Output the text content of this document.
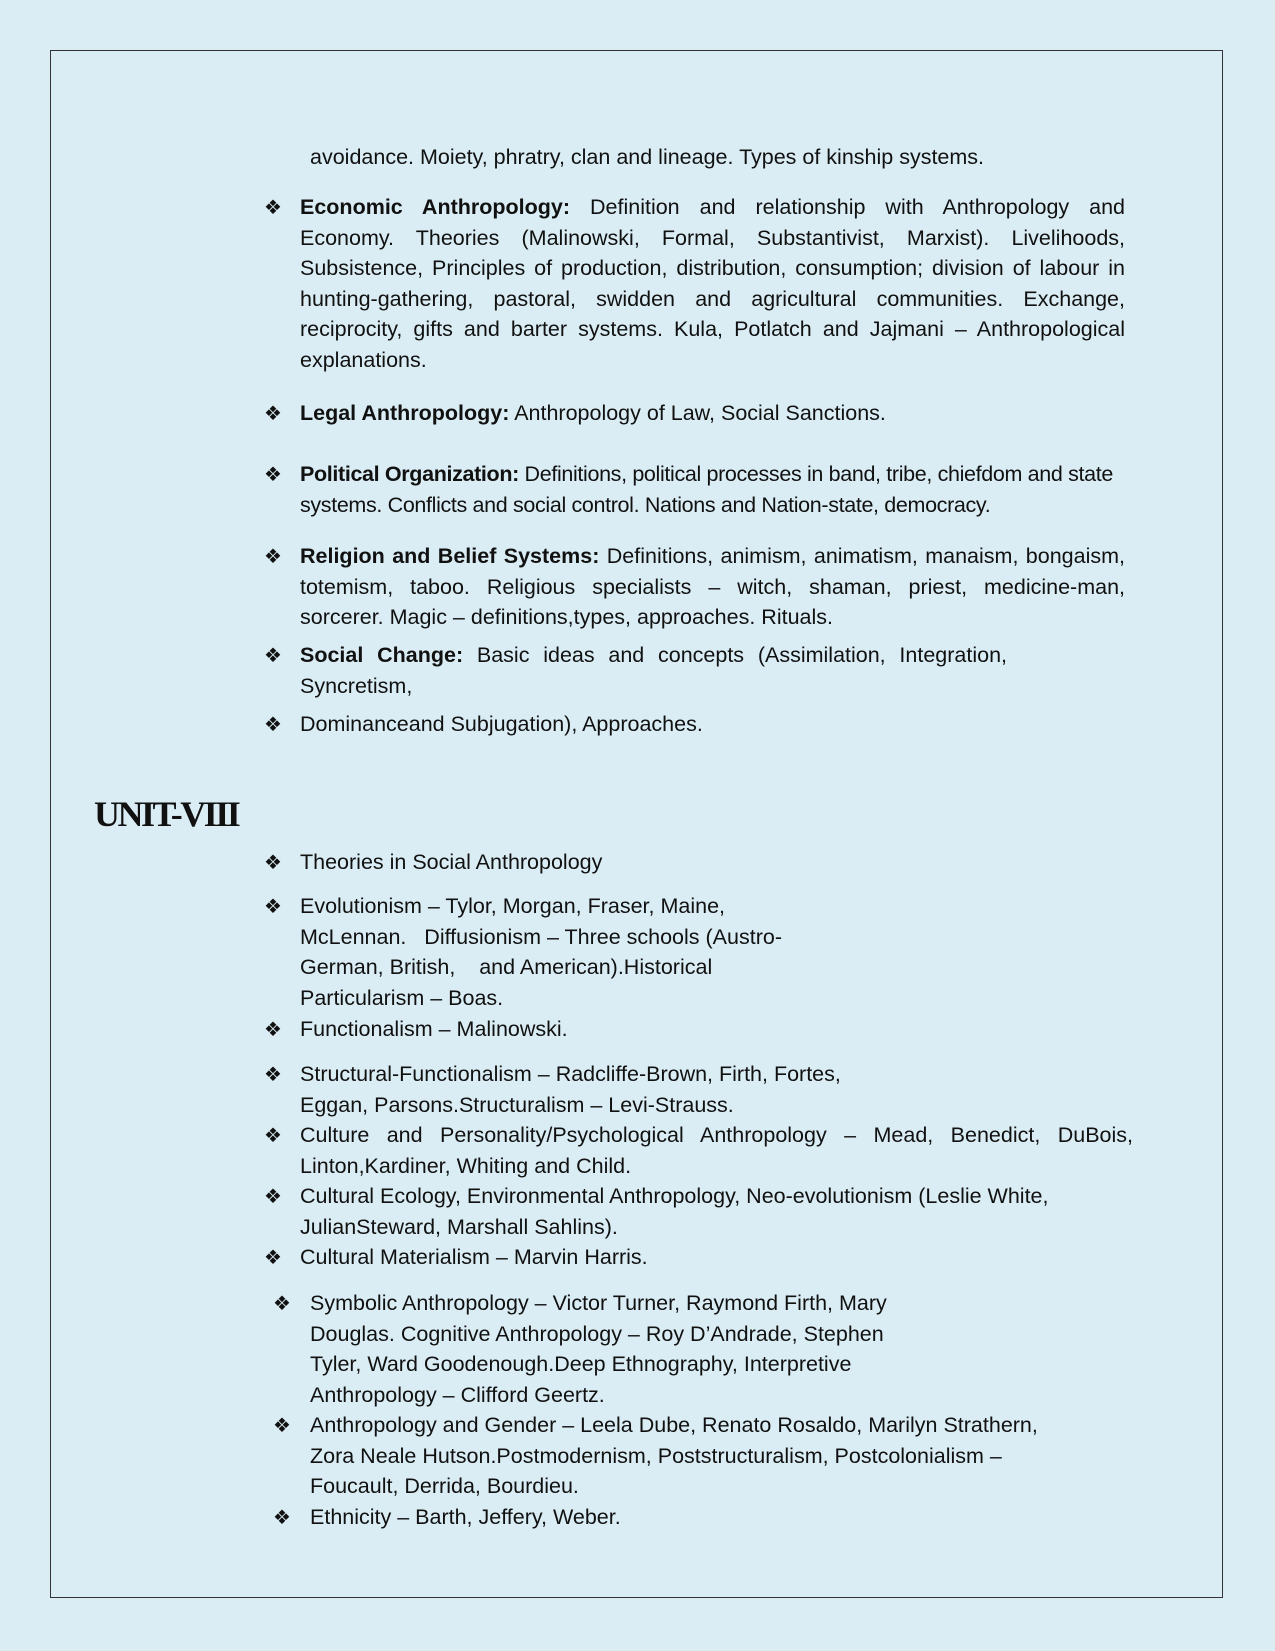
avoidance. Moiety, phratry, clan and lineage. Types of kinship systems.
❖ Economic Anthropology: Definition and relationship with Anthropology and Economy. Theories (Malinowski, Formal, Substantivist, Marxist). Livelihoods, Subsistence, Principles of production, distribution, consumption; division of labour in hunting-gathering, pastoral, swidden and agricultural communities. Exchange, reciprocity, gifts and barter systems. Kula, Potlatch and Jajmani – Anthropological explanations.
❖ Legal Anthropology: Anthropology of Law, Social Sanctions.
❖ Political Organization: Definitions, political processes in band, tribe, chiefdom and state systems. Conflicts and social control. Nations and Nation-state, democracy.
❖ Religion and Belief Systems: Definitions, animism, animatism, manaism, bongaism, totemism, taboo. Religious specialists – witch, shaman, priest, medicine-man, sorcerer. Magic – definitions,types, approaches. Rituals.
❖ Social Change: Basic ideas and concepts (Assimilation, Integration, Syncretism,
❖ Dominanceand Subjugation), Approaches.
UNIT-VIII
❖ Theories in Social Anthropology
❖ Evolutionism – Tylor, Morgan, Fraser, Maine,
McLennan.   Diffusionism – Three schools (Austro-
German, British,    and American).Historical
Particularism – Boas.
❖ Functionalism – Malinowski.
❖ Structural-Functionalism – Radcliffe-Brown, Firth, Fortes,
Eggan, Parsons.Structuralism – Levi-Strauss.
❖ Culture and Personality/Psychological Anthropology – Mead, Benedict, DuBois, Linton,Kardiner, Whiting and Child.
❖ Cultural Ecology, Environmental Anthropology, Neo-evolutionism (Leslie White,
JulianSteward, Marshall Sahlins).
❖ Cultural Materialism – Marvin Harris.
❖ Symbolic Anthropology – Victor Turner, Raymond Firth, Mary
Douglas. Cognitive Anthropology – Roy D’Andrade, Stephen
Tyler, Ward Goodenough.Deep Ethnography, Interpretive
Anthropology – Clifford Geertz.
❖ Anthropology and Gender – Leela Dube, Renato Rosaldo, Marilyn Strathern,
Zora Neale Hutson.Postmodernism, Poststructuralism, Postcolonialism –
Foucault, Derrida, Bourdieu.
❖ Ethnicity – Barth, Jeffery, Weber.
